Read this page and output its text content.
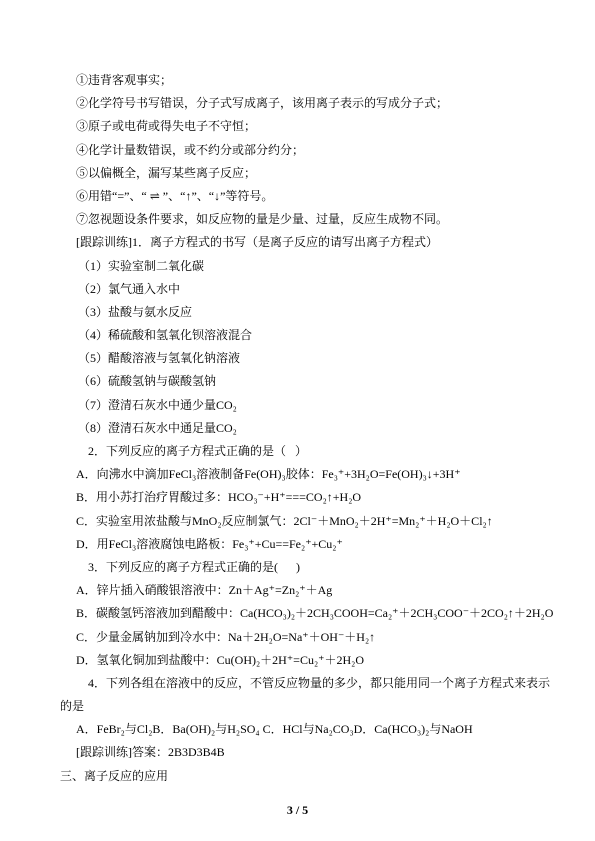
①违背客观事实；
②化学符号书写错误，分子式写成离子，该用离子表示的写成分子式；
③原子或电荷或得失电子不守恒；
④化学计量数错误，或不约分或部分约分；
⑤以偏概全，漏写某些离子反应；
⑥用错“=”、“ ⇌ ”、“↑”、“↓”等符号。
⑦忽视题设条件要求，如反应物的量是少量、过量，反应生成物不同。
[跟踪训练]1．离子方程式的书写（是离子反应的请写出离子方程式）
（1）实验室制二氧化碳
（2）氯气通入水中
（3）盐酸与氨水反应
（4）稀硫酸和氢氧化钡溶液混合
（5）醋酸溶液与氢氧化钠溶液
（6）硫酸氢钠与碳酸氢钠
（7）澄清石灰水中通少量CO₂
（8）澄清石灰水中通足量CO₂
2．下列反应的离子方程式正确的是（   ）
A．向沸水中滴加FeCl₃溶液制备Fe(OH)₃胶体：Fe₃⁺+3H₂O=Fe(OH)₃↓+3H⁺
B．用小苏打治疗胃酸过多：HCO₃⁻+H⁺===CO₂↑+H₂O
C．实验室用浓盐酸与MnO₂反应制氯气：2Cl⁻＋MnO₂＋2H⁺=Mn₂⁺＋H₂O＋Cl₂↑
D．用FeCl₃溶液腐蚀电路板：Fe₃⁺+Cu==Fe₂⁺+Cu₂⁺
3．下列反应的离子方程式正确的是(      )
A．锌片插入硝酸银溶液中：Zn＋Ag⁺=Zn₂⁺＋Ag
B．碳酸氢钙溶液加到醋酸中：Ca(HCO₃)₂＋2CH₃COOH=Ca₂⁺＋2CH₃COO⁻＋2CO₂↑＋2H₂O
C．少量金属钠加到冷水中：Na＋2H₂O=Na⁺＋OH⁻＋H₂↑
D．氢氧化铜加到盐酸中：Cu(OH)₂＋2H⁺=Cu₂⁺＋2H₂O
4．下列各组在溶液中的反应，不管反应物量的多少，都只能用同一个离子方程式来表示
的是
A．FeBr₂与Cl₂B．Ba(OH)₂与H₂SO₄ C．HCl与Na₂CO₃D．Ca(HCO₃)₂与NaOH
[跟踪训练]答案：2B3D3B4B
三、离子反应的应用
3 / 5
